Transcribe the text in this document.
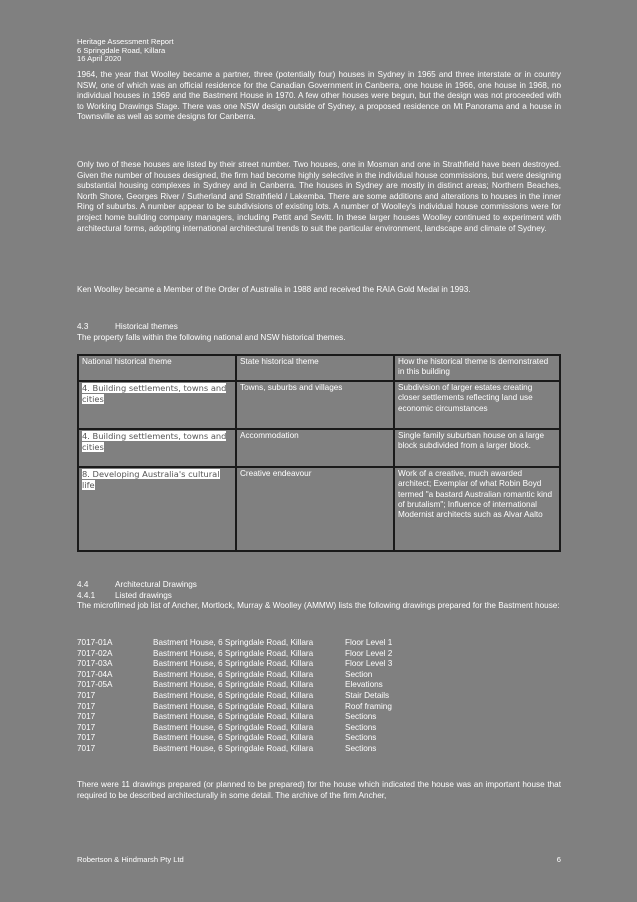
Heritage Assessment Report
6 Springdale Road, Killara
16 April 2020

1964, the year that Woolley became a partner, three (potentially four) houses in Sydney in 1965 and three interstate or in country NSW, one of which was an official residence for the Canadian Government in Canberra, one house in 1966, one house in 1968, no individual houses in 1969 and the Bastment House in 1970. A few other houses were begun, but the design was not proceeded with to Working Drawings Stage. There was one NSW design outside of Sydney, a proposed residence on Mt Panorama and a house in Townsville as well as some designs for Canberra.

Only two of these houses are listed by their street number. Two houses, one in Mosman and one in Strathfield have been destroyed. Given the number of houses designed, the firm had become highly selective in the individual house commissions, but were designing substantial housing complexes in Sydney and in Canberra. The houses in Sydney are mostly in distinct areas; Northern Beaches, North Shore, Georges River / Sutherland and Strathfield / Lakemba. There are some additions and alterations to houses in the inner Ring of suburbs. A number appear to be subdivisions of existing lots. A number of Woolley's individual house commissions were for project home building company managers, including Pettit and Sevitt. In these larger houses Woolley continued to experiment with architectural forms, adopting international architectural trends to suit the particular environment, landscape and climate of Sydney.

Ken Woolley became a Member of the Order of Australia in 1988 and received the RAIA Gold Medal in 1993.

4.3	Historical themes
The property falls within the following national and NSW historical themes.
National historical theme	State historical theme	How the historical theme is demonstrated in this building
4. Building settlements, towns and cities	Towns, suburbs and villages	Subdivision of larger estates creating closer settlements reflecting land use economic circumstances
4. Building settlements, towns and cities	Accommodation	Single family suburban house on a large block subdivided from a larger block.
8. Developing Australia's cultural life	Creative endeavour	Work of a creative, much awarded architect; Exemplar of what Robin Boyd termed "a bastard Australian romantic kind of brutalism"; Influence of international Modernist architects such as Alvar Aalto
4.4	Architectural Drawings
4.4.1 Listed drawings
The microfilmed job list of Ancher, Mortlock, Murray & Woolley (AMMW) lists the following drawings prepared for the Bastment house:
7017-01A	Bastment House, 6 Springdale Road, Killara	Floor Level 1
7017-02A	Bastment House, 6 Springdale Road, Killara	Floor Level 2
7017-03A	Bastment House, 6 Springdale Road, Killara	Floor Level 3
7017-04A	Bastment House, 6 Springdale Road, Killara	Section
7017-05A	Bastment House, 6 Springdale Road, Killara	Elevations
7017	Bastment House, 6 Springdale Road, Killara	Stair Details
7017	Bastment House, 6 Springdale Road, Killara	Roof framing
7017	Bastment House, 6 Springdale Road, Killara	Sections
7017	Bastment House, 6 Springdale Road, Killara	Sections
7017	Bastment House, 6 Springdale Road, Killara	Sections
7017	Bastment House, 6 Springdale Road, Killara	Sections

There were 11 drawings prepared (or planned to be prepared) for the house which indicated the house was an important house that required to be described architecturally in some detail. The archive of the firm Ancher,

Robertson & Hindmarsh Pty Ltd	6
